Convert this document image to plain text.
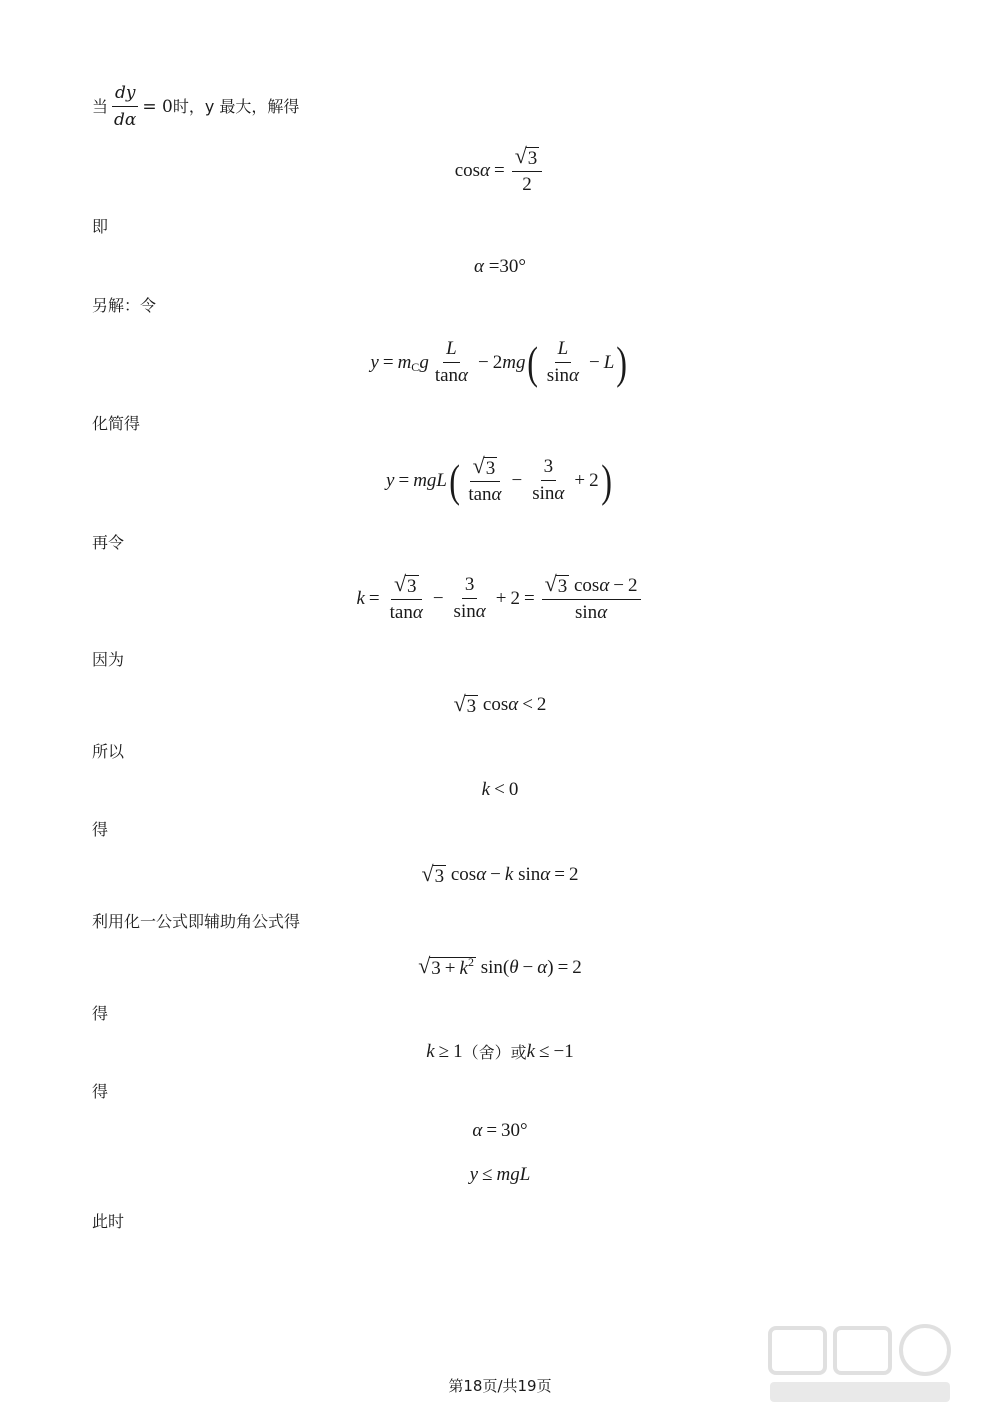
当 $\frac{dy}{d\alpha} = 0$ 时，y 最大，解得
$\cos \alpha = \frac{√ 3}{2}$
即
α =30°
另解：令
y = m C g $\frac{L}{\tan\alpha} - 2$ mg ( $\frac{L}{\sin\alpha} - L$ )
化简得
y = mgL ( $\frac{√ 3}{\tan\alpha} - \frac{3}{\sin\alpha} + 2$ )
再令
$k = \frac{√ 3}{\tan\alpha} - \frac{3}{\sin\alpha} + 2 = \frac{√ 3 \cos\alpha - 2}{\sin\alpha}$
因为
√ 3 cos α < 2
所以
k < 0
得
√ 3 cos α − k sin α = 2
利用化一公式即辅助角公式得
√ $3 + k^2$ sin( θ − α ) = 2
得
k ≥ 1 （舍）或 k ≤ −1
得
α = 30°
y ≤ mgL
此时
第18页/共19页
